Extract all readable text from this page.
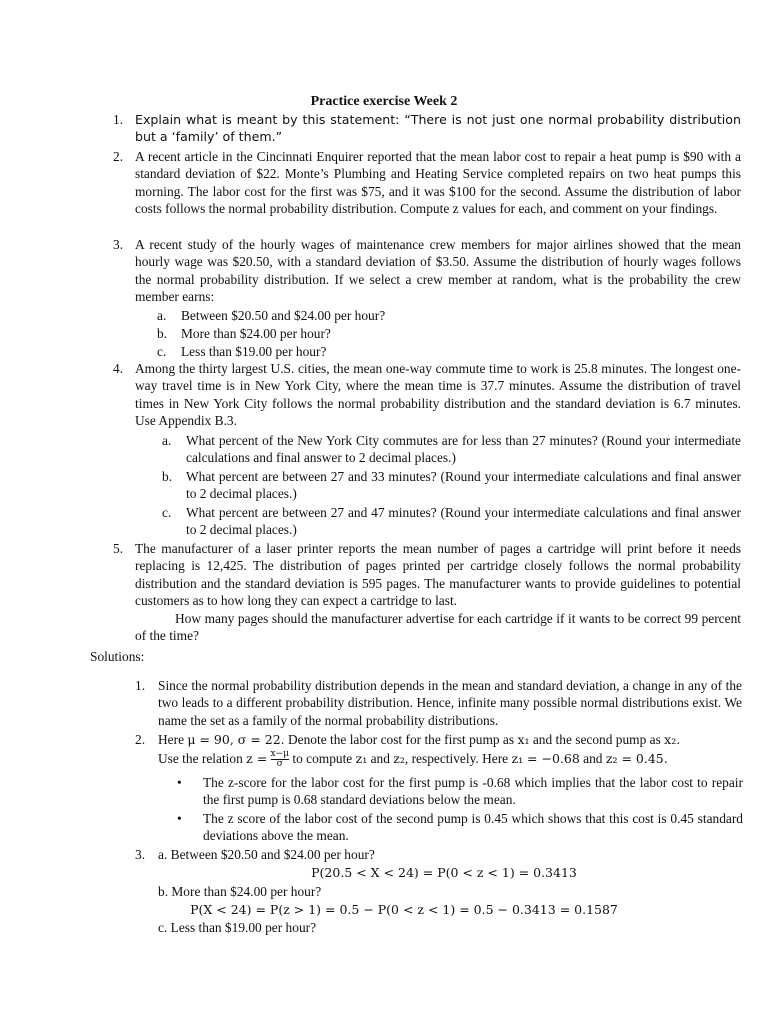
Practice exercise Week 2
1. Explain what is meant by this statement: “There is not just one normal probability distribution but a ‘family’ of them.”
2. A recent article in the Cincinnati Enquirer reported that the mean labor cost to repair a heat pump is $90 with a standard deviation of $22. Monte’s Plumbing and Heating Service completed repairs on two heat pumps this morning. The labor cost for the first was $75, and it was $100 for the second. Assume the distribution of labor costs follows the normal probability distribution. Compute z values for each, and comment on your findings.
3. A recent study of the hourly wages of maintenance crew members for major airlines showed that the mean hourly wage was $20.50, with a standard deviation of $3.50. Assume the distribution of hourly wages follows the normal probability distribution. If we select a crew member at random, what is the probability the crew member earns:
a. Between $20.50 and $24.00 per hour?
b. More than $24.00 per hour?
c. Less than $19.00 per hour?
4. Among the thirty largest U.S. cities, the mean one-way commute time to work is 25.8 minutes. The longest one-way travel time is in New York City, where the mean time is 37.7 minutes. Assume the distribution of travel times in New York City follows the normal probability distribution and the standard deviation is 6.7 minutes. Use Appendix B.3.
a. What percent of the New York City commutes are for less than 27 minutes? (Round your intermediate calculations and final answer to 2 decimal places.)
b. What percent are between 27 and 33 minutes? (Round your intermediate calculations and final answer to 2 decimal places.)
c. What percent are between 27 and 47 minutes? (Round your intermediate calculations and final answer to 2 decimal places.)
5. The manufacturer of a laser printer reports the mean number of pages a cartridge will print before it needs replacing is 12,425. The distribution of pages printed per cartridge closely follows the normal probability distribution and the standard deviation is 595 pages. The manufacturer wants to provide guidelines to potential customers as to how long they can expect a cartridge to last.
How many pages should the manufacturer advertise for each cartridge if it wants to be correct 99 percent of the time?
Solutions:
1. Since the normal probability distribution depends in the mean and standard deviation, a change in any of the two leads to a different probability distribution. Hence, infinite many possible normal distributions exist. We name the set as a family of the normal probability distributions.
2. Here μ = 90, σ = 22. Denote the labor cost for the first pump as x₁ and the second pump as x₂.
Use the relation $z = \frac{x-\mu}{\sigma}$ to compute z₁ and z₂, respectively. Here z₁ = −0.68 and z₂ = 0.45.
• The z-score for the labor cost for the first pump is -0.68 which implies that the labor cost to repair the first pump is 0.68 standard deviations below the mean.
• The z score of the labor cost of the second pump is 0.45 which shows that this cost is 0.45 standard deviations above the mean.
3. a. Between $20.50 and $24.00 per hour?
P(20.5 < X < 24) = P(0 < z < 1) = 0.3413
b. More than $24.00 per hour?
P(X < 24) = P(z > 1) = 0.5 − P(0 < z < 1) = 0.5 − 0.3413 = 0.1587
c. Less than $19.00 per hour?
